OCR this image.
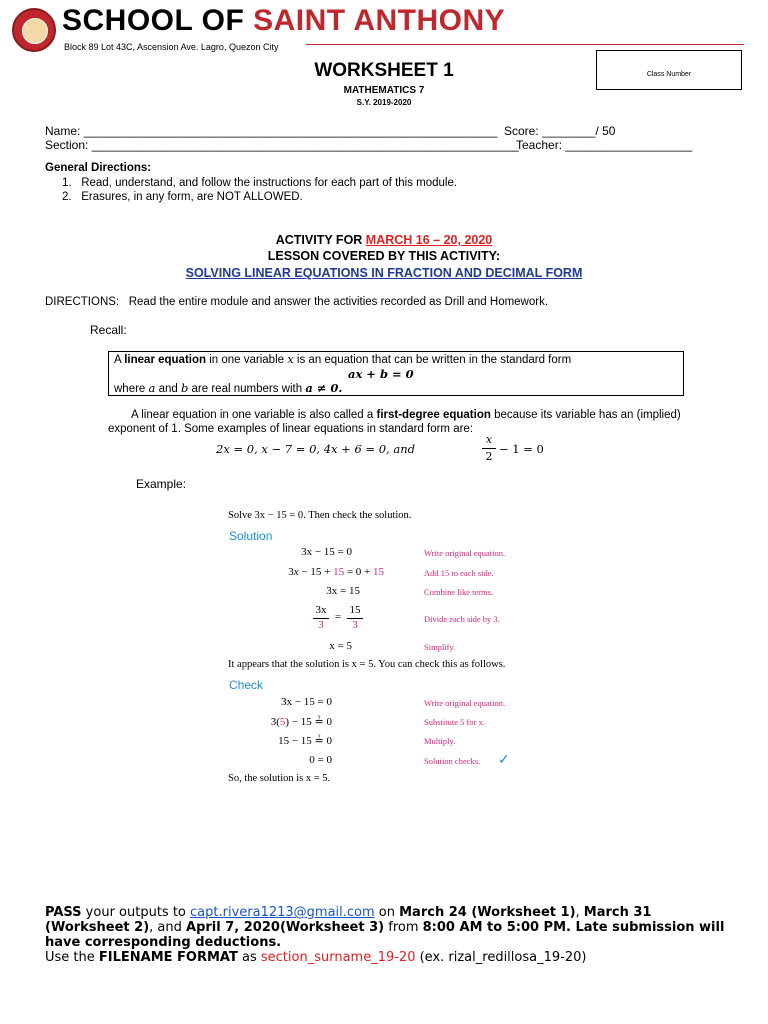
SCHOOL OF SAINT ANTHONY
Block 89 Lot 43C, Ascension Ave. Lagro, Quezon City
Class Number
WORKSHEET 1
MATHEMATICS 7
S.Y. 2019-2020
Name: ______________________________________________________________ Score: ________/ 50
Section: ________________________________________________________________
Teacher: ___________________
General Directions:
1. Read, understand, and follow the instructions for each part of this module.
2. Erasures, in any form, are NOT ALLOWED.
ACTIVITY FOR MARCH 16 – 20, 2020
LESSON COVERED BY THIS ACTIVITY:
SOLVING LINEAR EQUATIONS IN FRACTION AND DECIMAL FORM
DIRECTIONS: Read the entire module and answer the activities recorded as Drill and Homework.
Recall:
A linear equation in one variable x is an equation that can be written in the standard form
ax + b = 0
where a and b are real numbers with a ≠ 0.
A linear equation in one variable is also called a first-degree equation because its variable has an (implied)
exponent of 1. Some examples of linear equations in standard form are:
2x = 0, x − 7 = 0, 4x + 6 = 0, and
x
2
− 1 = 0
Example:
Solve 3x − 15 = 0. Then check the solution.
Solution
3x − 15 = 0	Write original equation.
3x − 15 + 15 = 0 + 15	Add 15 to each side.
3x = 15	Combine like terms.
3x
3
=
15
3	Divide each side by 3.
x = 5	Simplify.
It appears that the solution is x = 5. You can check this as follows.
Check
3x − 15 = 0	Write original equation.
3(5) − 15 ≟ 0	Substitute 5 for x.
15 − 15 ≟ 0	Multiply.
0 = 0	Solution checks. ✓
So, the solution is x = 5.
PASS your outputs to capt.rivera1213@gmail.com on March 24 (Worksheet 1), March 31
(Worksheet 2), and April 7, 2020(Worksheet 3) from 8:00 AM to 5:00 PM. Late submission will
have corresponding deductions.
Use the FILENAME FORMAT as section_surname_19-20 (ex. rizal_redillosa_19-20)
